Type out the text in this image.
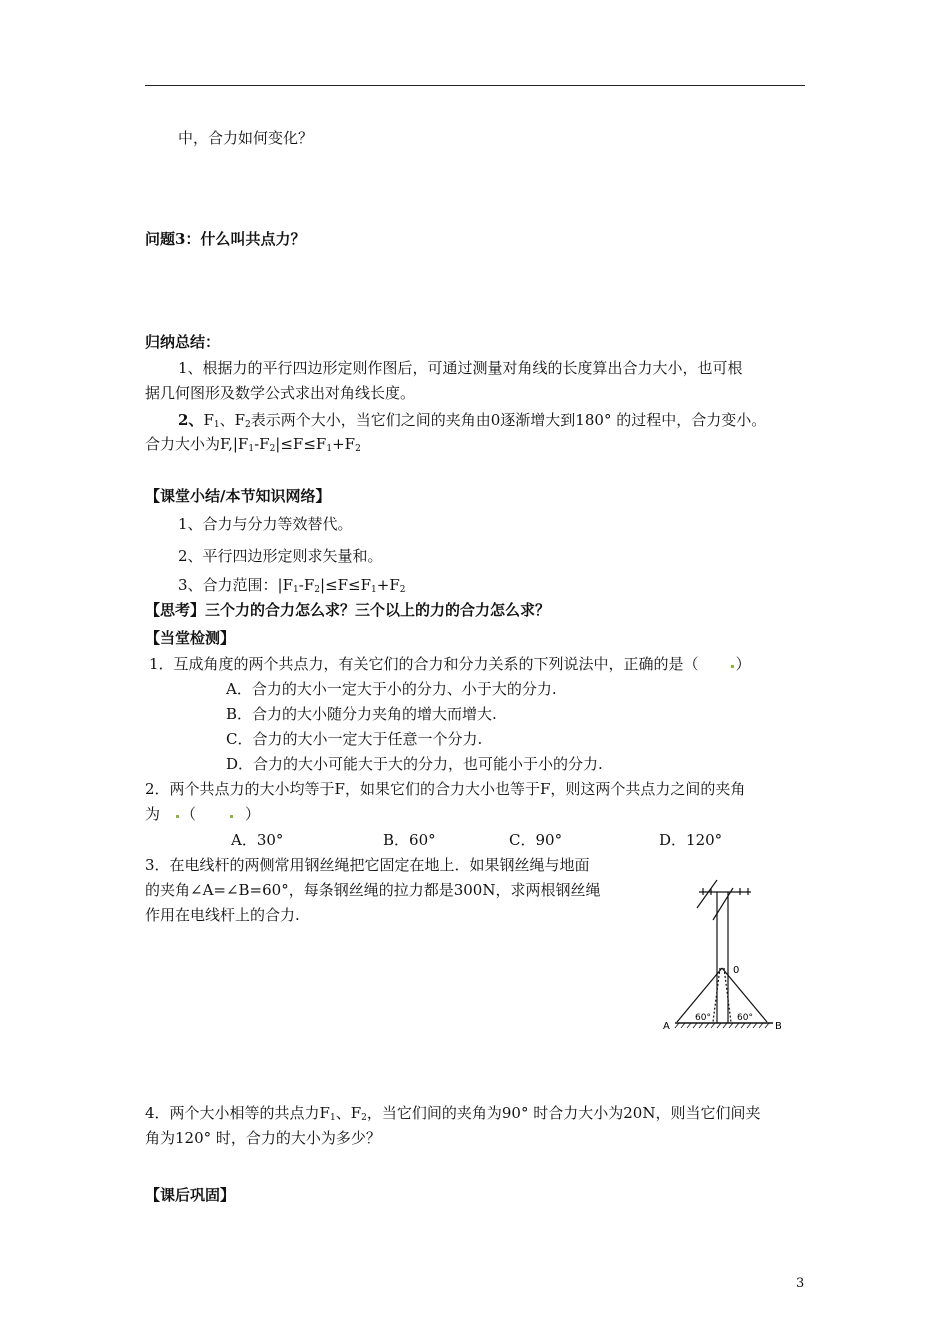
中，合力如何变化？
问题3：什么叫共点力？
归纳总结：
1、根据力的平行四边形定则作图后，可通过测量对角线的长度算出合力大小，也可根
据几何图形及数学公式求出对角线长度。
2、$F_1$、$F_2$表示两个大小，当它们之间的夹角由0逐渐增大到180° 的过程中，合力变小。
合力大小为$F,|F_1-F_2|\le F\le F_1+F_2$
【课堂小结/本节知识网络】
1、合力与分力等效替代。
2、平行四边形定则求矢量和。
3、合力范围：$|F_1-F_2|\le F\le F_1+F_2$
【思考】三个力的合力怎么求？三个以上的力的合力怎么求？
【当堂检测】
1．互成角度的两个共点力，有关它们的合力和分力关系的下列说法中，正确的是（ ）
A．合力的大小一定大于小的分力、小于大的分力.
B．合力的大小随分力夹角的增大而增大.
C．合力的大小一定大于任意一个分力.
D．合力的大小可能大于大的分力，也可能小于小的分力.
2．两个共点力的大小均等于F，如果它们的合力大小也等于F，则这两个共点力之间的夹角
为 （	）
A．30°	B．60°	C．90°	D．120°
3．在电线杆的两侧常用钢丝绳把它固定在地上．如果钢丝绳与地面
的夹角∠A=∠B=60°，每条钢丝绳的拉力都是300N，求两根钢丝绳
作用在电线杆上的合力.
0
A	B
60°	60°
4．两个大小相等的共点力$F_1$、$F_2$，当它们间的夹角为90° 时合力大小为20N，则当它们间夹
角为120° 时，合力的大小为多少？
【课后巩固】
3
